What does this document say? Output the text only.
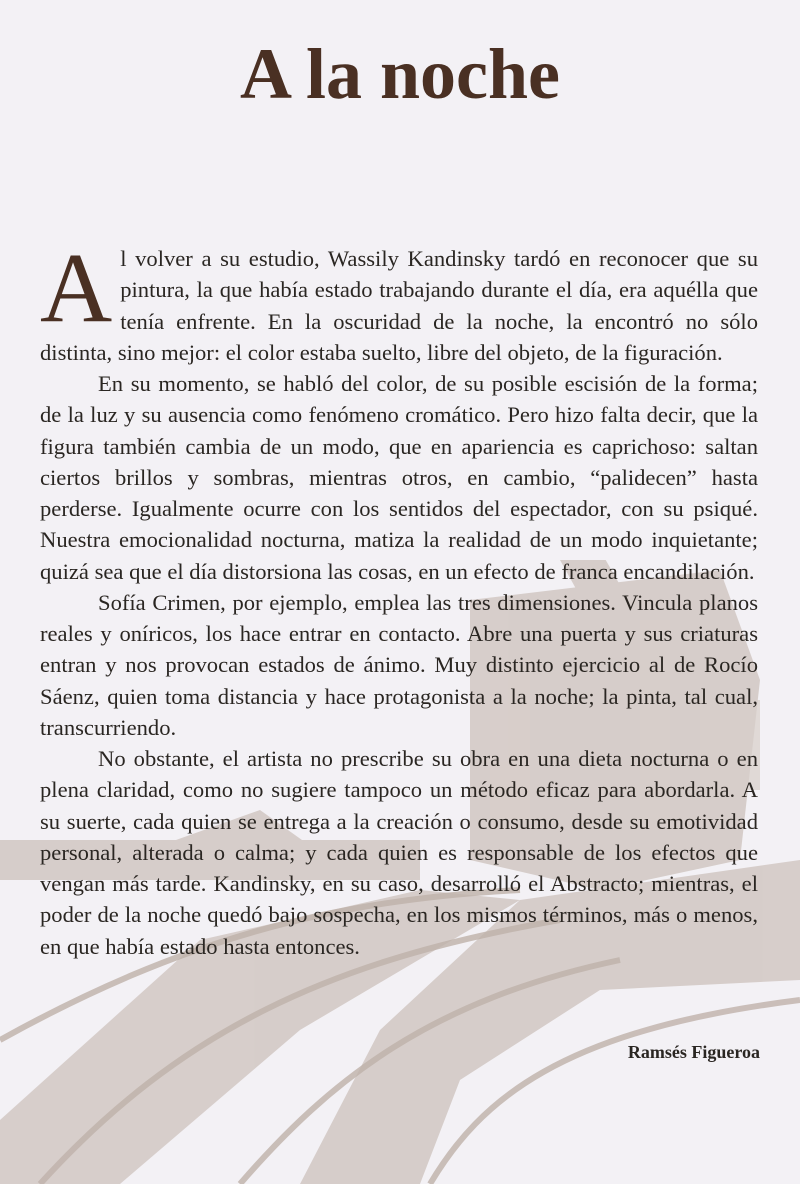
A la noche

Al volver a su estudio, Wassily Kandinsky tardó en reconocer que su pintura, la que había estado trabajando durante el día, era aquélla que tenía enfrente. En la oscuridad de la noche, la encontró no sólo distinta, sino mejor: el color estaba suelto, libre del objeto, de la figuración.

En su momento, se habló del color, de su posible escisión de la forma; de la luz y su ausencia como fenómeno cromático. Pero hizo falta decir, que la figura también cambia de un modo, que en apariencia es caprichoso: saltan ciertos brillos y sombras, mientras otros, en cambio, “palidecen” hasta perderse. Igualmente ocurre con los sentidos del espectador, con su psiqué. Nuestra emocionalidad nocturna, matiza la realidad de un modo inquietante; quizá sea que el día distorsiona las cosas, en un efecto de franca encandilación.

Sofía Crimen, por ejemplo, emplea las tres dimensiones. Vincula planos reales y oníricos, los hace entrar en contacto. Abre una puerta y sus criaturas entran y nos provocan estados de ánimo. Muy distinto ejercicio al de Rocío Sáenz, quien toma distancia y hace protagonista a la noche; la pinta, tal cual, transcurriendo.

No obstante, el artista no prescribe su obra en una dieta nocturna o en plena claridad, como no sugiere tampoco un método eficaz para abordarla. A su suerte, cada quien se entrega a la creación o consumo, desde su emotividad personal, alterada o calma; y cada quien es responsable de los efectos que vengan más tarde. Kandinsky, en su caso, desarrolló el Abstracto; mientras, el poder de la noche quedó bajo sospecha, en los mismos términos, más o menos, en que había estado hasta entonces.

Ramsés Figueroa
